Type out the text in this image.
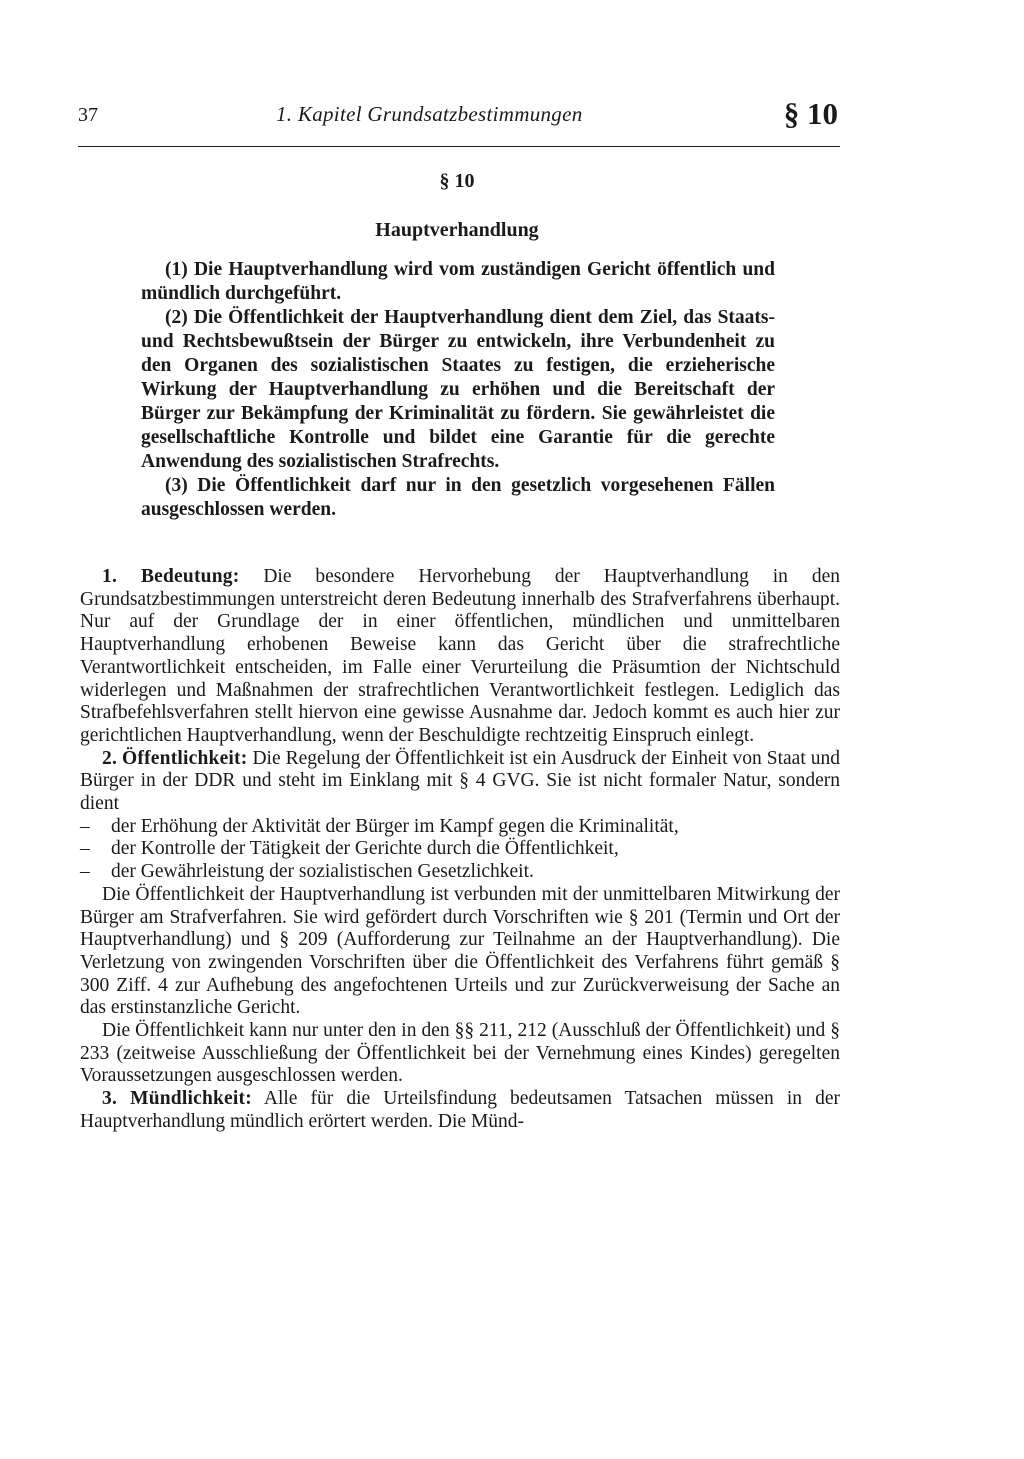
37	1. Kapitel Grundsatzbestimmungen	§ 10
§ 10
Hauptverhandlung

(1) Die Hauptverhandlung wird vom zuständigen Gericht öffentlich und mündlich durchgeführt.

(2) Die Öffentlichkeit der Hauptverhandlung dient dem Ziel, das Staats- und Rechtsbewußtsein der Bürger zu entwickeln, ihre Verbundenheit zu den Organen des sozialistischen Staates zu festigen, die erzieherische Wirkung der Hauptverhandlung zu erhöhen und die Bereitschaft der Bürger zur Bekämpfung der Kriminalität zu fördern. Sie gewährleistet die gesellschaftliche Kontrolle und bildet eine Garantie für die gerechte Anwendung des sozialistischen Strafrechts.

(3) Die Öffentlichkeit darf nur in den gesetzlich vorgesehenen Fällen ausgeschlossen werden.

1. Bedeutung: Die besondere Hervorhebung der Hauptverhandlung in den Grundsatzbestimmungen unterstreicht deren Bedeutung innerhalb des Strafverfahrens überhaupt. Nur auf der Grundlage der in einer öffentlichen, mündlichen und unmittelbaren Hauptverhandlung erhobenen Beweise kann das Gericht über die strafrechtliche Verantwortlichkeit entscheiden, im Falle einer Verurteilung die Präsumtion der Nichtschuld widerlegen und Maßnahmen der strafrechtlichen Verantwortlichkeit festlegen. Lediglich das Strafbefehlsverfahren stellt hiervon eine gewisse Ausnahme dar. Jedoch kommt es auch hier zur gerichtlichen Hauptverhandlung, wenn der Beschuldigte rechtzeitig Einspruch einlegt.

2. Öffentlichkeit: Die Regelung der Öffentlichkeit ist ein Ausdruck der Einheit von Staat und Bürger in der DDR und steht im Einklang mit § 4 GVG. Sie ist nicht formaler Natur, sondern dient

– der Erhöhung der Aktivität der Bürger im Kampf gegen die Kriminalität,
– der Kontrolle der Tätigkeit der Gerichte durch die Öffentlichkeit,
– der Gewährleistung der sozialistischen Gesetzlichkeit.

Die Öffentlichkeit der Hauptverhandlung ist verbunden mit der unmittelbaren Mitwirkung der Bürger am Strafverfahren. Sie wird gefördert durch Vorschriften wie § 201 (Termin und Ort der Hauptverhandlung) und § 209 (Aufforderung zur Teilnahme an der Hauptverhandlung). Die Verletzung von zwingenden Vorschriften über die Öffentlichkeit des Verfahrens führt gemäß § 300 Ziff. 4 zur Aufhebung des angefochtenen Urteils und zur Zurückverweisung der Sache an das erstinstanzliche Gericht.

Die Öffentlichkeit kann nur unter den in den §§ 211, 212 (Ausschluß der Öffentlichkeit) und § 233 (zeitweise Ausschließung der Öffentlichkeit bei der Vernehmung eines Kindes) geregelten Voraussetzungen ausgeschlossen werden.

3. Mündlichkeit: Alle für die Urteilsfindung bedeutsamen Tatsachen müssen in der Hauptverhandlung mündlich erörtert werden. Die Münd-
